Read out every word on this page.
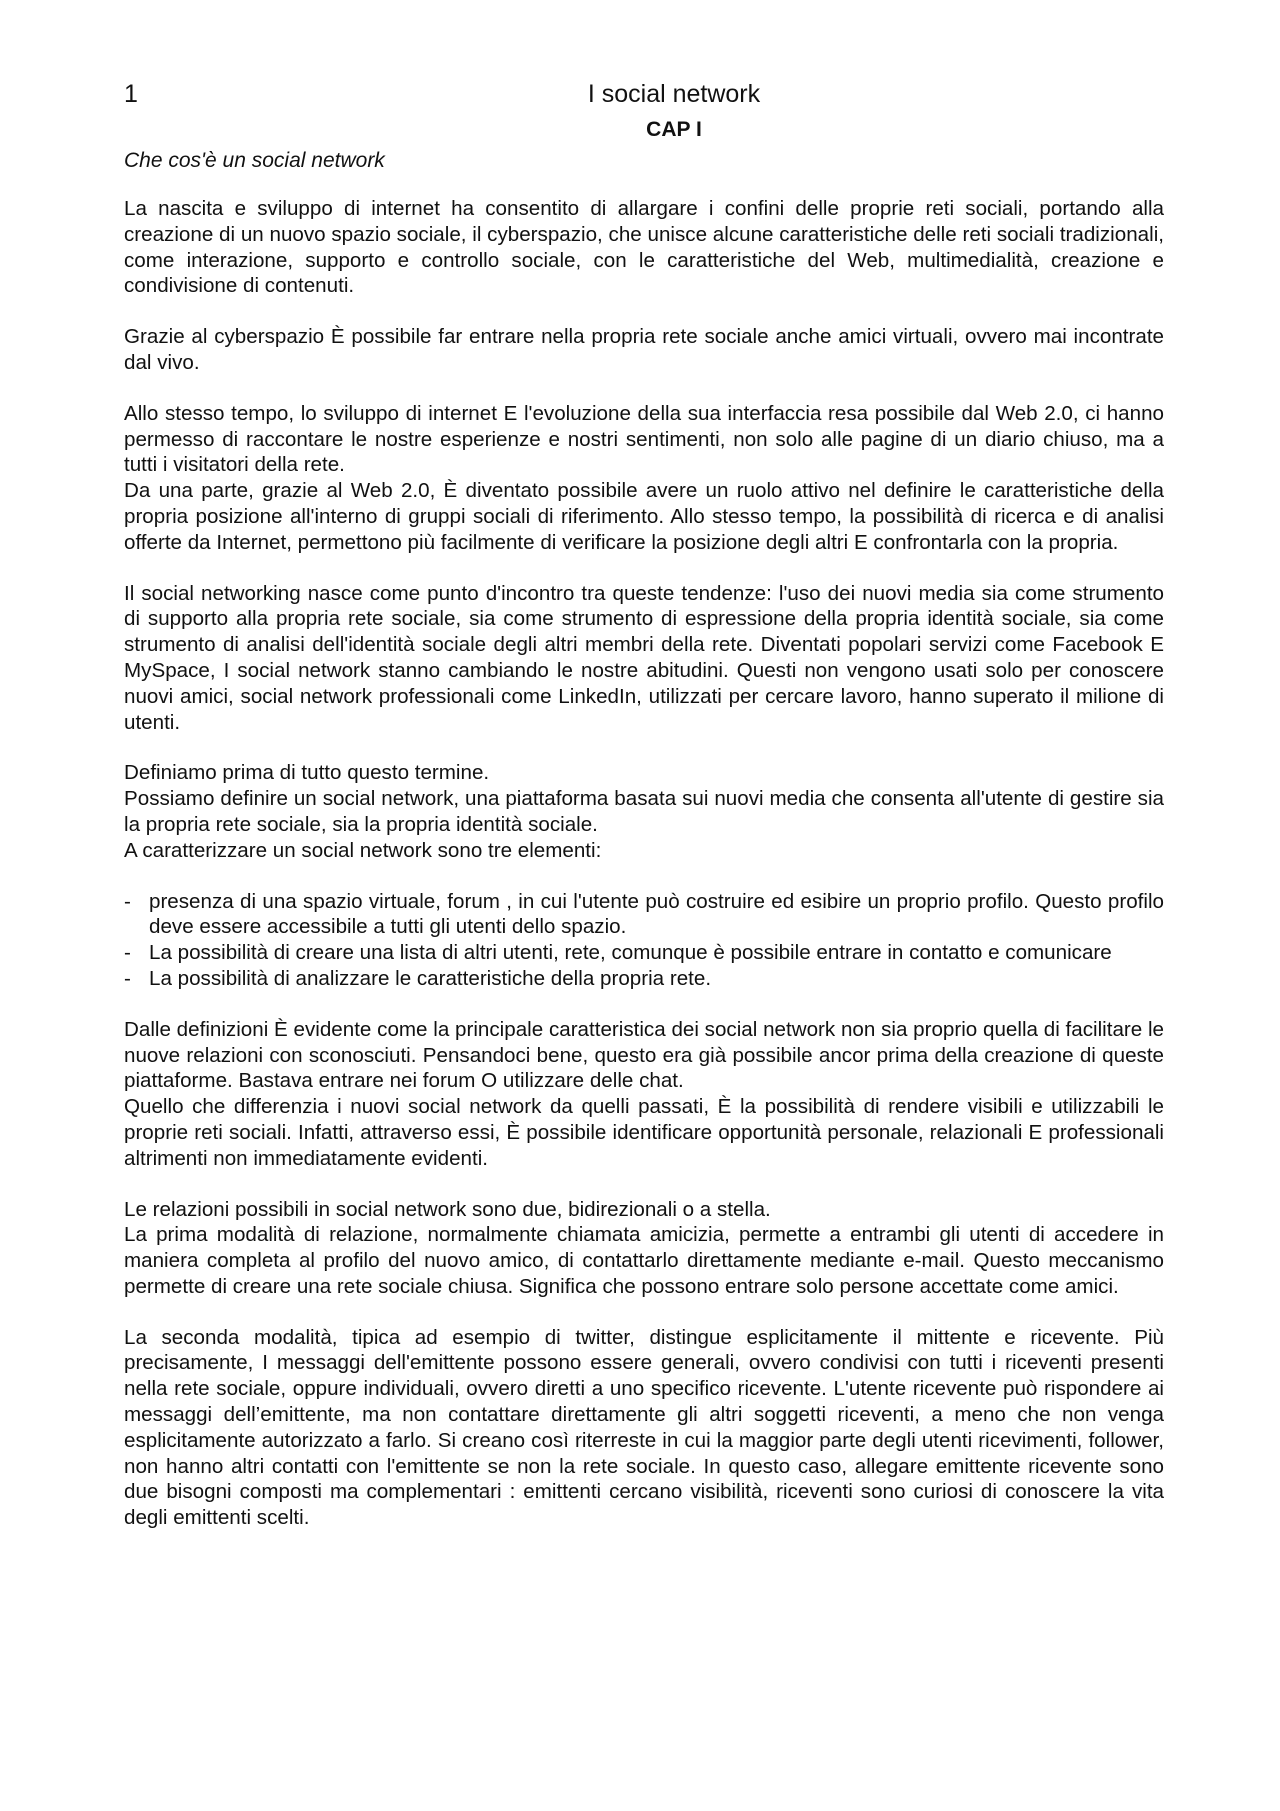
1	I social network
CAP I
Che cos'è un social network

La nascita e sviluppo di internet ha consentito di allargare i confini delle proprie reti sociali, portando alla creazione di un nuovo spazio sociale, il cyberspazio, che unisce alcune caratteristiche delle reti sociali tradizionali, come interazione, supporto e controllo sociale, con le caratteristiche del Web, multimedialità, creazione e condivisione di contenuti.

Grazie al cyberspazio È possibile far entrare nella propria rete sociale anche amici virtuali, ovvero mai incontrate dal vivo.

Allo stesso tempo, lo sviluppo di internet E l'evoluzione della sua interfaccia resa possibile dal Web 2.0, ci hanno permesso di raccontare le nostre esperienze e nostri sentimenti, non solo alle pagine di un diario chiuso, ma a tutti i visitatori della rete.

Da una parte, grazie al Web 2.0, È diventato possibile avere un ruolo attivo nel definire le caratteristiche della propria posizione all'interno di gruppi sociali di riferimento. Allo stesso tempo, la possibilità di ricerca e di analisi offerte da Internet, permettono più facilmente di verificare la posizione degli altri E confrontarla con la propria.

Il social networking nasce come punto d'incontro tra queste tendenze: l'uso dei nuovi media sia come strumento di supporto alla propria rete sociale, sia come strumento di espressione della propria identità sociale, sia come strumento di analisi dell'identità sociale degli altri membri della rete. Diventati popolari servizi come Facebook E MySpace, I social network stanno cambiando le nostre abitudini. Questi non vengono usati solo per conoscere nuovi amici, social network professionali come LinkedIn, utilizzati per cercare lavoro, hanno superato il milione di utenti.

Definiamo prima di tutto questo termine.

Possiamo definire un social network, una piattaforma basata sui nuovi media che consenta all'utente di gestire sia la propria rete sociale, sia la propria identità sociale.

A caratterizzare un social network sono tre elementi:

- presenza di una spazio virtuale, forum , in cui l'utente può costruire ed esibire un proprio profilo. Questo profilo deve essere accessibile a tutti gli utenti dello spazio.
- La possibilità di creare una lista di altri utenti, rete, comunque è possibile entrare in contatto e comunicare
- La possibilità di analizzare le caratteristiche della propria rete.

Dalle definizioni È evidente come la principale caratteristica dei social network non sia proprio quella di facilitare le nuove relazioni con sconosciuti. Pensandoci bene, questo era già possibile ancor prima della creazione di queste piattaforme. Bastava entrare nei forum O utilizzare delle chat.

Quello che differenzia i nuovi social network da quelli passati, È la possibilità di rendere visibili e utilizzabili le proprie reti sociali. Infatti, attraverso essi, È possibile identificare opportunità personale, relazionali E professionali altrimenti non immediatamente evidenti.

Le relazioni possibili in social network sono due, bidirezionali o a stella.

La prima modalità di relazione, normalmente chiamata amicizia, permette a entrambi gli utenti di accedere in maniera completa al profilo del nuovo amico, di contattarlo direttamente mediante e-mail. Questo meccanismo permette di creare una rete sociale chiusa. Significa che possono entrare solo persone accettate come amici.

La seconda modalità, tipica ad esempio di twitter, distingue esplicitamente il mittente e ricevente. Più precisamente, I messaggi dell'emittente possono essere generali, ovvero condivisi con tutti i riceventi presenti nella rete sociale, oppure individuali, ovvero diretti a uno specifico ricevente. L'utente ricevente può rispondere ai messaggi dell’emittente, ma non contattare direttamente gli altri soggetti riceventi, a meno che non venga esplicitamente autorizzato a farlo. Si creano così riterreste in cui la maggior parte degli utenti ricevimenti, follower, non hanno altri contatti con l'emittente se non la rete sociale. In questo caso, allegare emittente ricevente sono due bisogni composti ma complementari : emittenti cercano visibilità, riceventi sono curiosi di conoscere la vita degli emittenti scelti.
